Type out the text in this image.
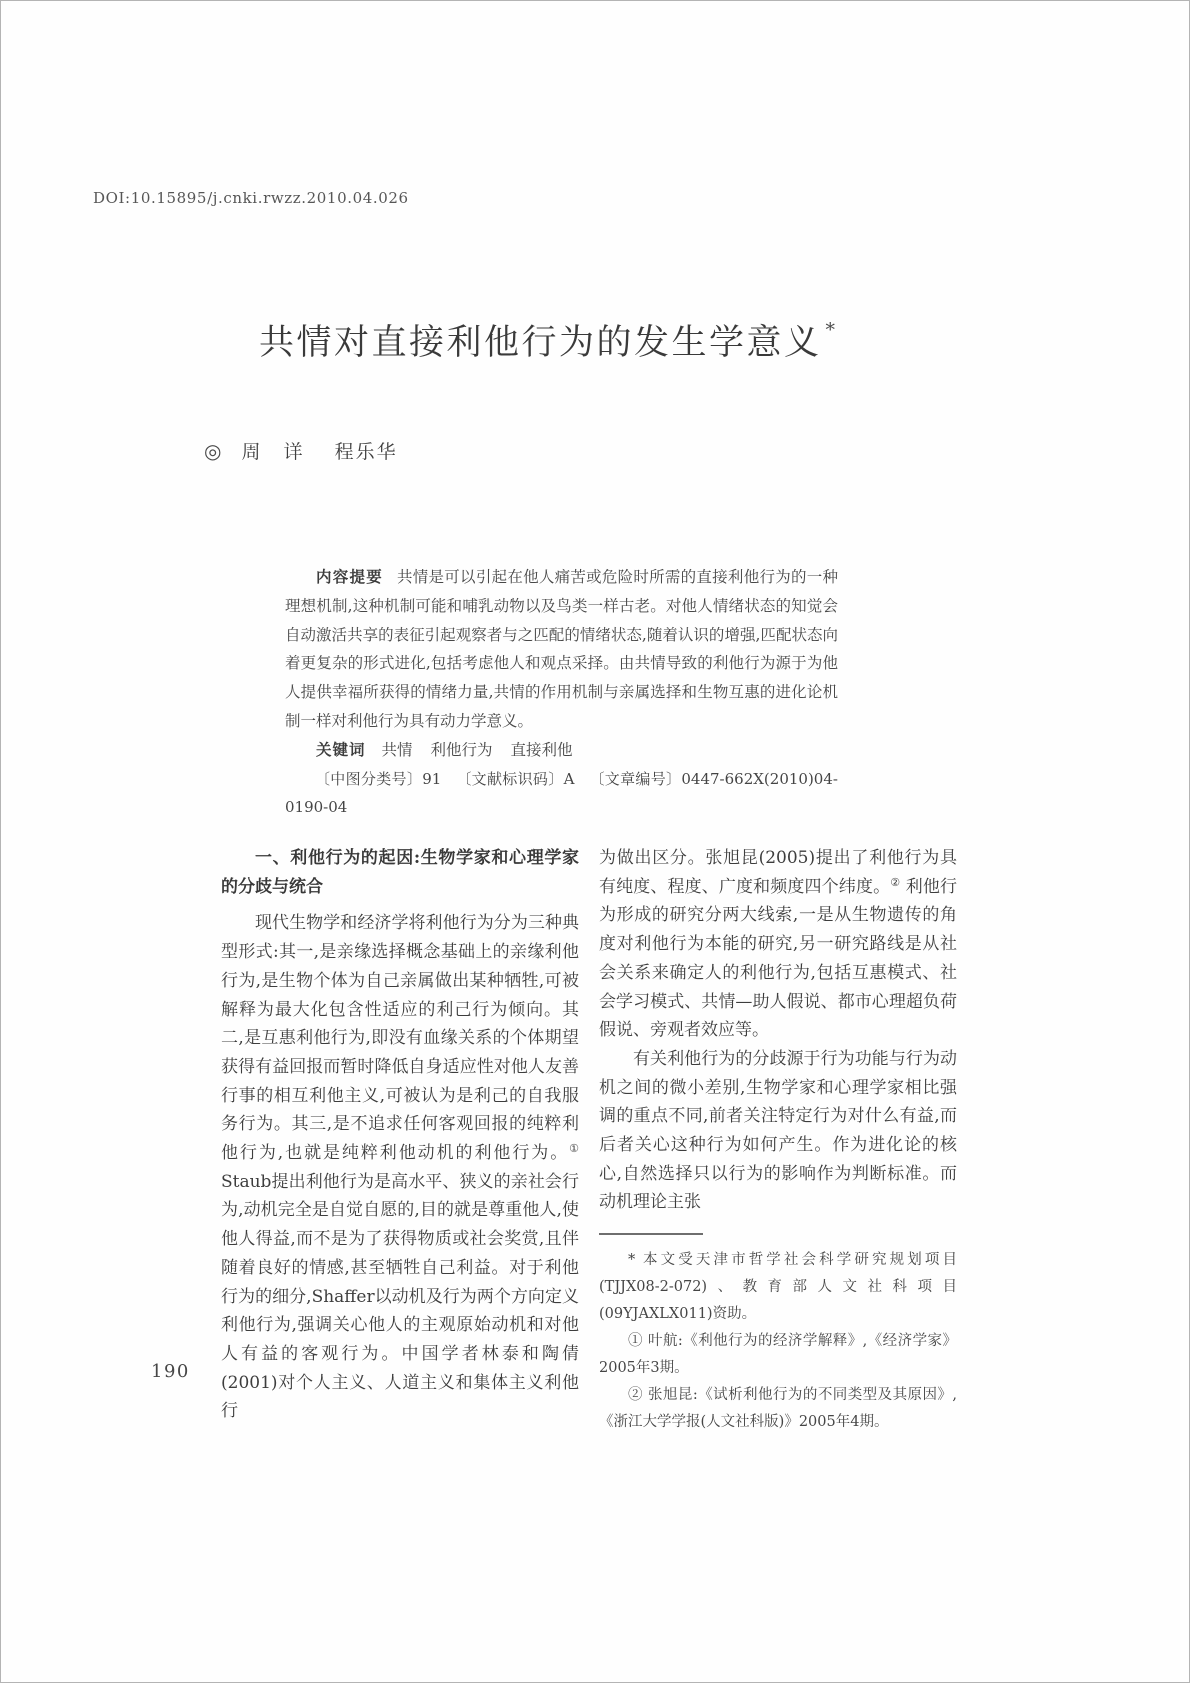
DOI:10.15895/j.cnki.rwzz.2010.04.026
共情对直接利他行为的发生学意义 *
◎ 周　详 程乐华

内容提要 共情是可以引起在他人痛苦或危险时所需的直接利他行为的一种理想机制,这种机制可能和哺乳动物以及鸟类一样古老。对他人情绪状态的知觉会自动激活共享的表征引起观察者与之匹配的情绪状态,随着认识的增强,匹配状态向着更复杂的形式进化,包括考虑他人和观点采择。由共情导致的利他行为源于为他人提供幸福所获得的情绪力量,共情的作用机制与亲属选择和生物互惠的进化论机制一样对利他行为具有动力学意义。

关键词 共情 利他行为 直接利他

〔中图分类号〕91 〔文献标识码〕A 〔文章编号〕0447-662X(2010)04-0190-04

一、利他行为的起因:生物学家和心理学家的分歧与统合

现代生物学和经济学将利他行为分为三种典型形式:其一,是亲缘选择概念基础上的亲缘利他行为,是生物个体为自己亲属做出某种牺牲,可被解释为最大化包含性适应的利己行为倾向。其二,是互惠利他行为,即没有血缘关系的个体期望获得有益回报而暂时降低自身适应性对他人友善行事的相互利他主义,可被认为是利己的自我服务行为。其三,是不追求任何客观回报的纯粹利他行为,也就是纯粹利他动机的利他行为。① Staub提出利他行为是高水平、狭义的亲社会行为,动机完全是自觉自愿的,目的就是尊重他人,使他人得益,而不是为了获得物质或社会奖赏,且伴随着良好的情感,甚至牺牲自己利益。对于利他行为的细分,Shaffer以动机及行为两个方向定义利他行为,强调关心他人的主观原始动机和对他人有益的客观行为。中国学者林泰和陶倩(2001)对个人主义、人道主义和集体主义利他行

为做出区分。张旭昆(2005)提出了利他行为具有纯度、程度、广度和频度四个纬度。② 利他行为形成的研究分两大线索,一是从生物遗传的角度对利他行为本能的研究,另一研究路线是从社会关系来确定人的利他行为,包括互惠模式、社会学习模式、共情—助人假说、都市心理超负荷假说、旁观者效应等。

有关利他行为的分歧源于行为功能与行为动机之间的微小差别,生物学家和心理学家相比强调的重点不同,前者关注特定行为对什么有益,而后者关心这种行为如何产生。作为进化论的核心,自然选择只以行为的影响作为判断标准。而动机理论主张

* 本文受天津市哲学社会科学研究规划项目(TJJX08-2-072)、教育部人文社科项目(09YJAXLX011)资助。

① 叶航:《利他行为的经济学解释》,《经济学家》2005年3期。

② 张旭昆:《试析利他行为的不同类型及其原因》,《浙江大学学报(人文社科版)》2005年4期。

190
